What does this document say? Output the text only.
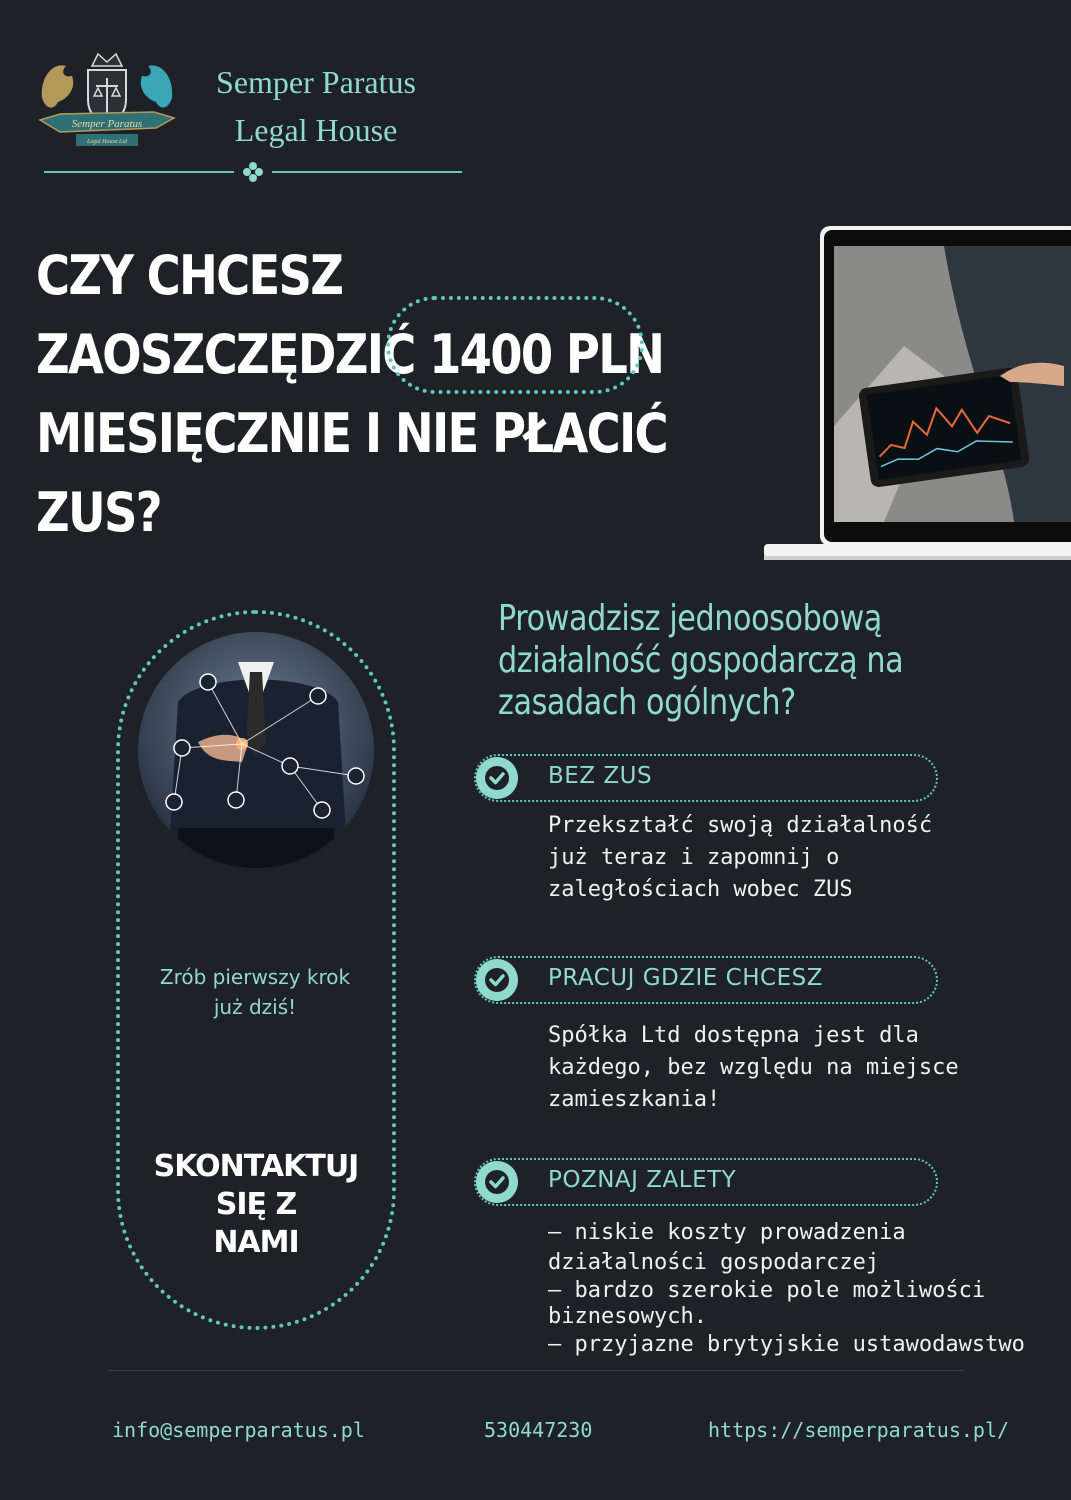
Semper Paratus
Legal House Ltd
Semper Paratus
Legal House
CZY CHCESZ
ZAOSZCZĘDZIĆ 1400 PLN
MIESIĘCZNIE I NIE PŁACIĆ
ZUS?
Zrób pierwszy krok
już dziś!
SKONTAKTUJ SIĘ Z
NAMI
Prowadzisz jednoosobową
działalność gospodarczą na
zasadach ogólnych?
BEZ ZUS
Przekształć swoją działalność
już teraz i zapomnij o
zaległościach wobec ZUS
PRACUJ GDZIE CHCESZ
Spółka Ltd dostępna jest dla
każdego, bez względu na miejsce
zamieszkania!
POZNAJ ZALETY
– niskie koszty prowadzenia
działalności gospodarczej
– bardzo szerokie pole możliwości
biznesowych.
– przyjazne brytyjskie ustawodawstwo
info@semperparatus.pl	530447230	https://semperparatus.pl/
